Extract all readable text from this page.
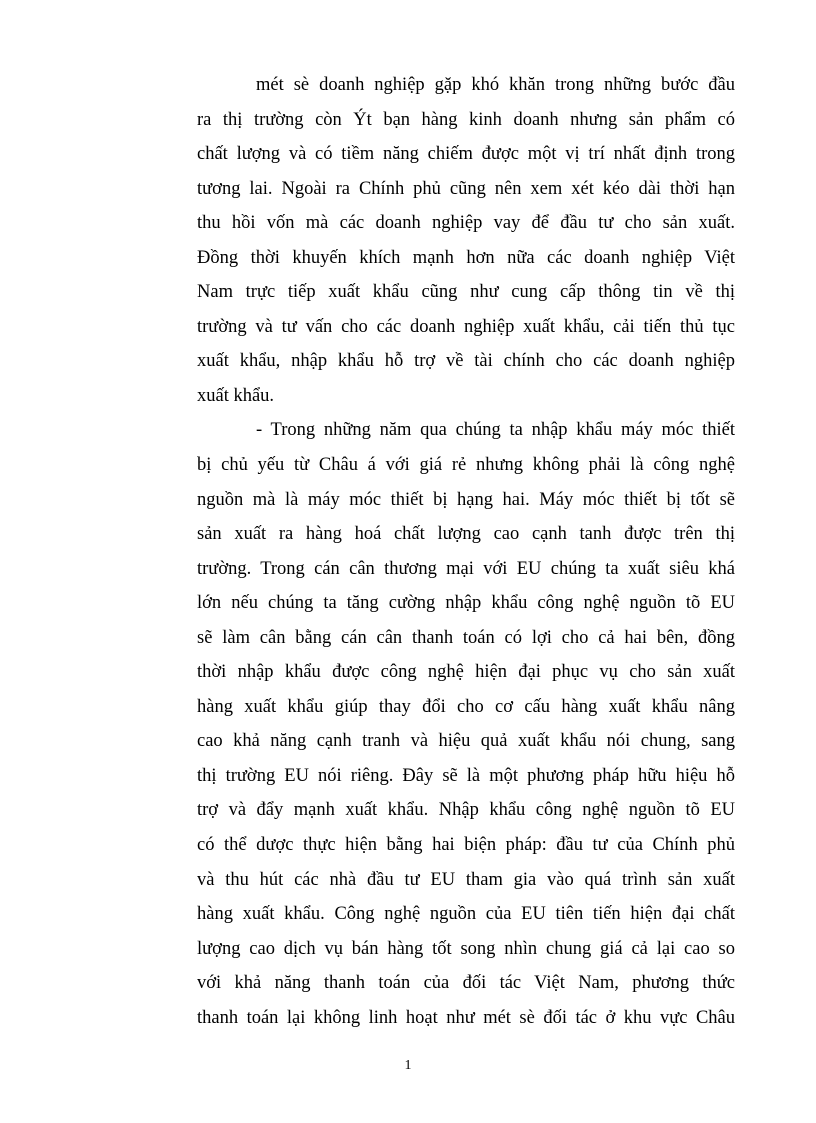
mét sè doanh nghiệp gặp khó khăn trong những bước đầu
ra thị trường còn Ýt bạn hàng kinh doanh nhưng sản phẩm có
chất lượng và có tiềm năng chiếm được một vị trí nhất định trong
tương lai. Ngoài ra Chính phủ cũng nên xem xét kéo dài thời hạn
thu hồi vốn mà các doanh nghiệp vay để đầu tư cho sản xuất.
Đồng thời khuyến khích mạnh hơn nữa các doanh nghiệp Việt
Nam trực tiếp xuất khẩu cũng như cung cấp thông tin về thị
trường và tư vấn cho các doanh nghiệp xuất khẩu, cải tiến thủ tục
xuất khẩu, nhập khẩu hỗ trợ về tài chính cho các doanh nghiệp
xuất khẩu.

- Trong những năm qua chúng ta nhập khẩu máy móc thiết
bị chủ yếu từ Châu á với giá rẻ nhưng không phải là công nghệ
nguồn mà là máy móc thiết bị hạng hai. Máy móc thiết bị tốt sẽ
sản xuất ra hàng hoá chất lượng cao cạnh tanh được trên thị
trường. Trong cán cân thương mại với EU chúng ta xuất siêu khá
lớn nếu chúng ta tăng cường nhập khẩu công nghệ nguồn tõ EU
sẽ làm cân bằng cán cân thanh toán có lợi cho cả hai bên, đồng
thời nhập khẩu được công nghệ hiện đại phục vụ cho sản xuất
hàng xuất khẩu giúp thay đổi cho cơ cấu hàng xuất khẩu nâng
cao khả năng cạnh tranh và hiệu quả xuất khẩu nói chung, sang
thị trường EU nói riêng. Đây sẽ là một phương pháp hữu hiệu hỗ
trợ và đẩy mạnh xuất khẩu. Nhập khẩu công nghệ nguồn tõ EU
có thể dược thực hiện bằng hai biện pháp: đầu tư của Chính phủ
và thu hút các nhà đầu tư EU tham gia vào quá trình sản xuất
hàng xuất khẩu. Công nghệ nguồn của EU tiên tiến hiện đại chất
lượng cao dịch vụ bán hàng tốt song nhìn chung giá cả lại cao so
với khả năng thanh toán của đối tác Việt Nam, phương thức
thanh toán lại không linh hoạt như mét sè đối tác ở khu vực Châu

1
